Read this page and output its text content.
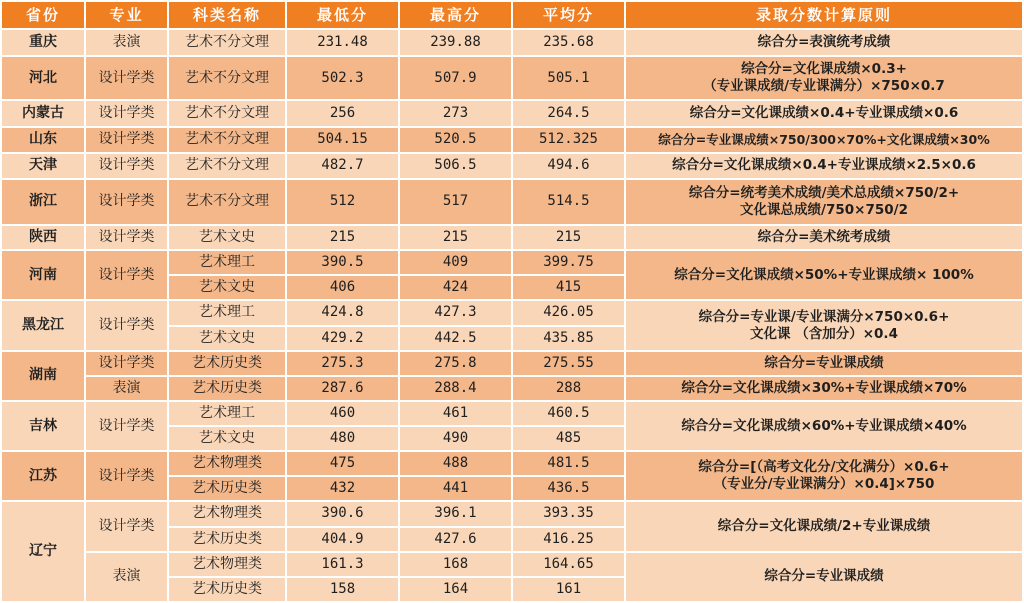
省份	专业	科类名称	最低分	最高分	平均分	录取分数计算原则
重庆	表演	艺术不分文理	231.48	239.88	235.68	综合分=表演统考成绩
河北	设计学类	艺术不分文理	502.3	507.9	505.1	综合分=文化课成绩×0.3+
（专业课成绩/专业课满分）×750×0.7
内蒙古	设计学类	艺术不分文理	256	273	264.5	综合分=文化课成绩×0.4+专业课成绩×0.6
山东	设计学类	艺术不分文理	504.15	520.5	512.325	综合分=专业课成绩×750/300×70%+文化课成绩×30%
天津	设计学类	艺术不分文理	482.7	506.5	494.6	综合分=文化课成绩×0.4+专业课成绩×2.5×0.6
浙江	设计学类	艺术不分文理	512	517	514.5	综合分=统考美术成绩/美术总成绩×750/2+
文化课总成绩/750×750/2
陕西	设计学类	艺术文史	215	215	215	综合分=美术统考成绩
河南	设计学类	艺术理工	390.5	409	399.75	综合分=文化课成绩×50%+专业课成绩× 100%
		艺术文史	406	424	415	
黑龙江	设计学类	艺术理工	424.8	427.3	426.05	综合分=专业课/专业课满分×750×0.6+
文化课 （含加分）×0.4
		艺术文史	429.2	442.5	435.85	
湖南	设计学类	艺术历史类	275.3	275.8	275.55	综合分=专业课成绩
	表演	艺术历史类	287.6	288.4	288	综合分=文化课成绩×30%+专业课成绩×70%
吉林	设计学类	艺术理工	460	461	460.5	综合分=文化课成绩×60%+专业课成绩×40%
		艺术文史	480	490	485	
江苏	设计学类	艺术物理类	475	488	481.5	综合分=[（高考文化分/文化满分）×0.6+
（专业分/专业课满分）×0.4]×750
		艺术历史类	432	441	436.5	
辽宁	设计学类	艺术物理类	390.6	396.1	393.35	综合分=文化课成绩/2+专业课成绩
		艺术历史类	404.9	427.6	416.25	
	表演	艺术物理类	161.3	168	164.65	综合分=专业课成绩
		艺术历史类	158	164	161	
